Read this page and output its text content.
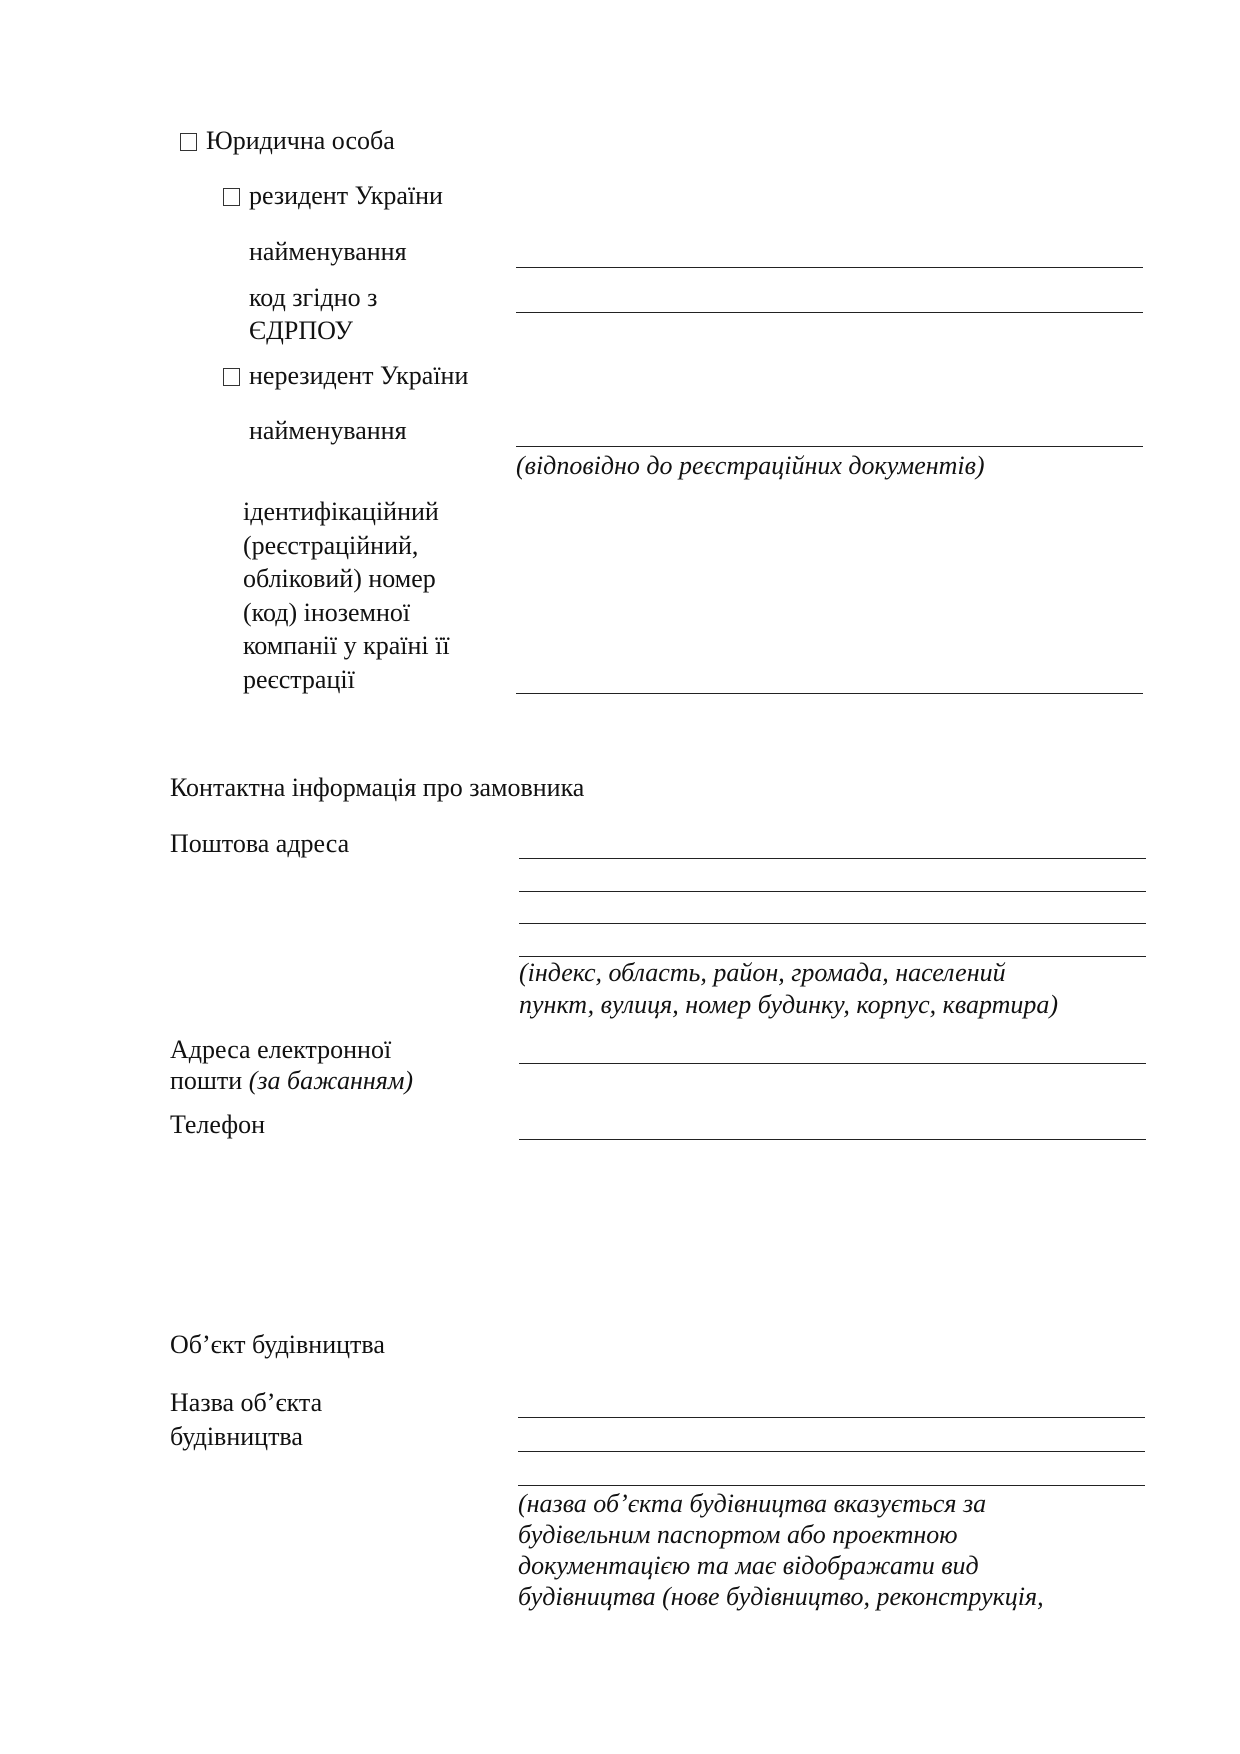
Юридична особа
резидент України
найменування
код згідно з
ЄДРПОУ
нерезидент України
найменування
(відповідно до реєстраційних документів)
ідентифікаційний
(реєстраційний,
обліковий) номер
(код) іноземної
компанії у країні її
реєстрації
Контактна інформація про замовника
Поштова адреса
(індекс, область, район, громада, населений
пункт, вулиця, номер будинку, корпус, квартира)
Адреса електронної
пошти (за бажанням)
Телефон
Об’єкт будівництва
Назва об’єкта
будівництва
(назва об’єкта будівництва вказується за
будівельним паспортом або проектною
документацією та має відображати вид
будівництва (нове будівництво, реконструкція,
